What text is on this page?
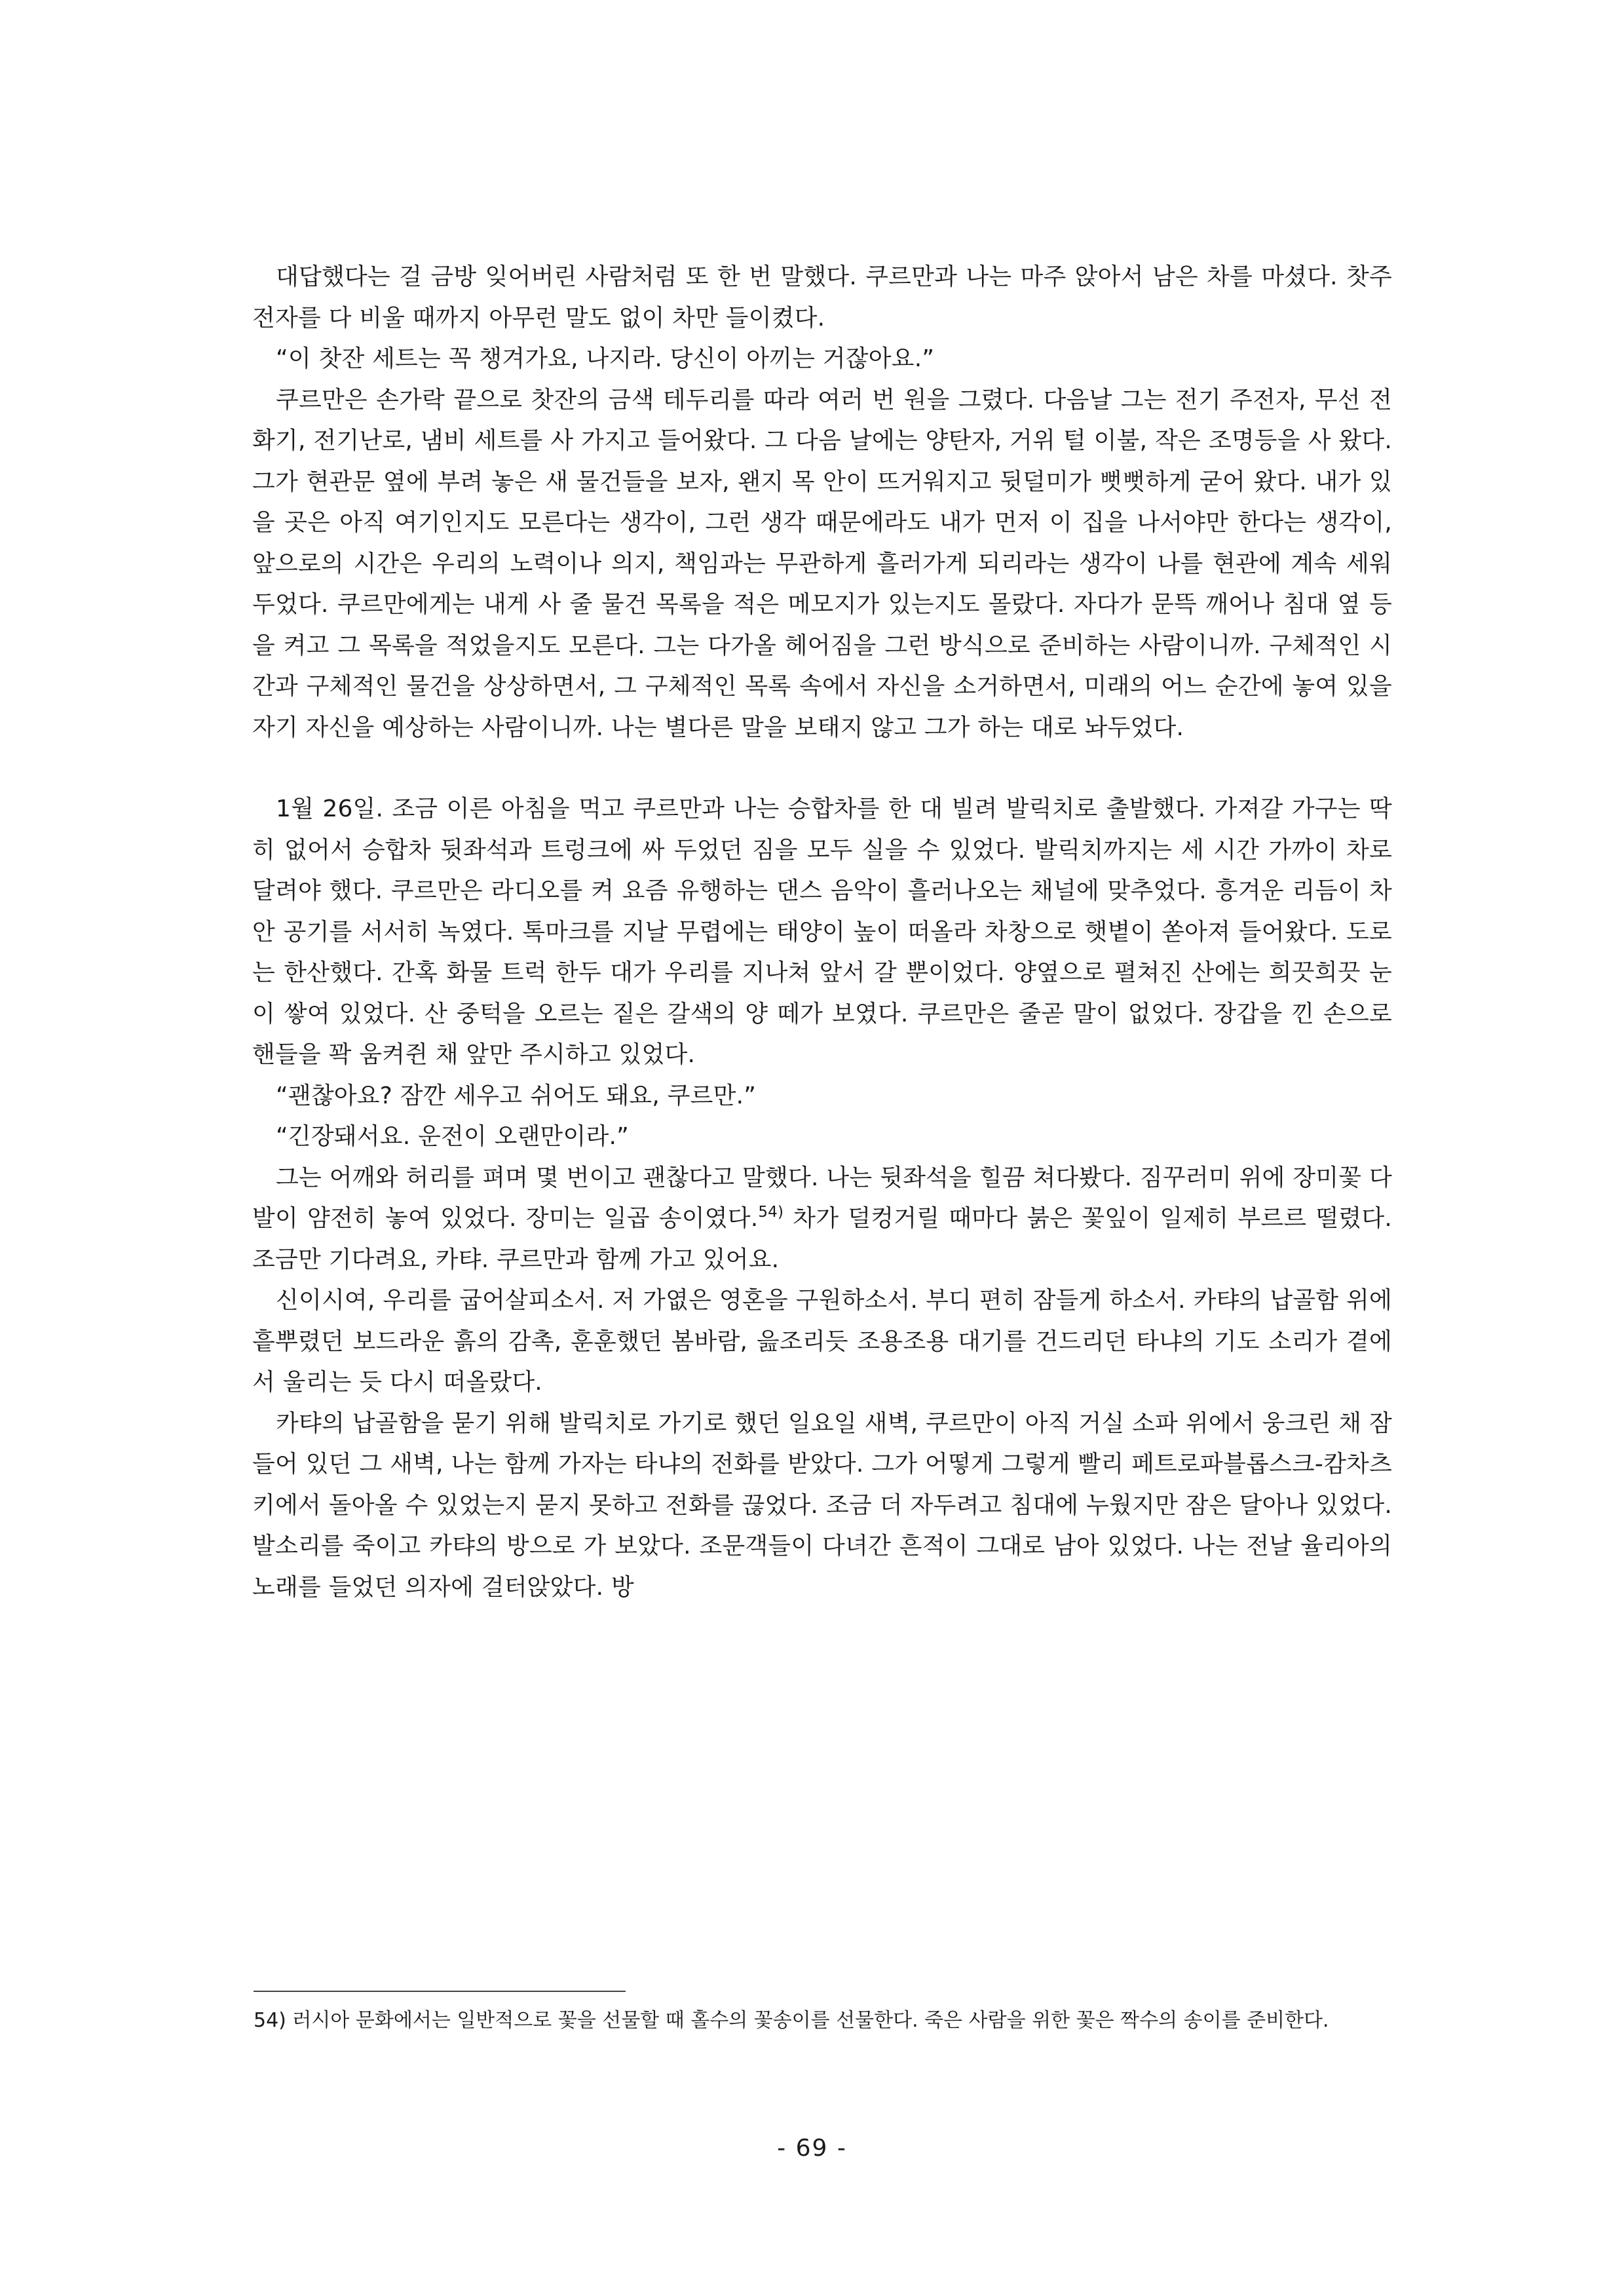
대답했다는 걸 금방 잊어버린 사람처럼 또 한 번 말했다. 쿠르만과 나는 마주 앉아서 남은 차를 마셨다. 찻주전자를 다 비울 때까지 아무런 말도 없이 차만 들이켰다.

“이 찻잔 세트는 꼭 챙겨가요, 나지라. 당신이 아끼는 거잖아요.”

쿠르만은 손가락 끝으로 찻잔의 금색 테두리를 따라 여러 번 원을 그렸다. 다음날 그는 전기 주전자, 무선 전화기, 전기난로, 냄비 세트를 사 가지고 들어왔다. 그 다음 날에는 양탄자, 거위 털 이불, 작은 조명등을 사 왔다. 그가 현관문 옆에 부려 놓은 새 물건들을 보자, 왠지 목 안이 뜨거워지고 뒷덜미가 뻣뻣하게 굳어 왔다. 내가 있을 곳은 아직 여기인지도 모른다는 생각이, 그런 생각 때문에라도 내가 먼저 이 집을 나서야만 한다는 생각이, 앞으로의 시간은 우리의 노력이나 의지, 책임과는 무관하게 흘러가게 되리라는 생각이 나를 현관에 계속 세워 두었다. 쿠르만에게는 내게 사 줄 물건 목록을 적은 메모지가 있는지도 몰랐다. 자다가 문뜩 깨어나 침대 옆 등을 켜고 그 목록을 적었을지도 모른다. 그는 다가올 헤어짐을 그런 방식으로 준비하는 사람이니까. 구체적인 시간과 구체적인 물건을 상상하면서, 그 구체적인 목록 속에서 자신을 소거하면서, 미래의 어느 순간에 놓여 있을 자기 자신을 예상하는 사람이니까. 나는 별다른 말을 보태지 않고 그가 하는 대로 놔두었다.

1월 26일. 조금 이른 아침을 먹고 쿠르만과 나는 승합차를 한 대 빌려 발릭치로 출발했다. 가져갈 가구는 딱히 없어서 승합차 뒷좌석과 트렁크에 싸 두었던 짐을 모두 실을 수 있었다. 발릭치까지는 세 시간 가까이 차로 달려야 했다. 쿠르만은 라디오를 켜 요즘 유행하는 댄스 음악이 흘러나오는 채널에 맞추었다. 흥겨운 리듬이 차 안 공기를 서서히 녹였다. 톡마크를 지날 무렵에는 태양이 높이 떠올라 차창으로 햇볕이 쏟아져 들어왔다. 도로는 한산했다. 간혹 화물 트럭 한두 대가 우리를 지나쳐 앞서 갈 뿐이었다. 양옆으로 펼쳐진 산에는 희끗희끗 눈이 쌓여 있었다. 산 중턱을 오르는 짙은 갈색의 양 떼가 보였다. 쿠르만은 줄곧 말이 없었다. 장갑을 낀 손으로 핸들을 꽉 움켜쥔 채 앞만 주시하고 있었다.

“괜찮아요? 잠깐 세우고 쉬어도 돼요, 쿠르만.”

“긴장돼서요. 운전이 오랜만이라.”

그는 어깨와 허리를 펴며 몇 번이고 괜찮다고 말했다. 나는 뒷좌석을 힐끔 쳐다봤다. 짐꾸러미 위에 장미꽃 다발이 얌전히 놓여 있었다. 장미는 일곱 송이였다.$^{54)}$ 차가 덜컹거릴 때마다 붉은 꽃잎이 일제히 부르르 떨렸다. 조금만 기다려요, 카탸. 쿠르만과 함께 가고 있어요.

신이시여, 우리를 굽어살피소서. 저 가엾은 영혼을 구원하소서. 부디 편히 잠들게 하소서. 카탸의 납골함 위에 흩뿌렸던 보드라운 흙의 감촉, 훈훈했던 봄바람, 읊조리듯 조용조용 대기를 건드리던 타냐의 기도 소리가 곁에서 울리는 듯 다시 떠올랐다.

카탸의 납골함을 묻기 위해 발릭치로 가기로 했던 일요일 새벽, 쿠르만이 아직 거실 소파 위에서 웅크린 채 잠들어 있던 그 새벽, 나는 함께 가자는 타냐의 전화를 받았다. 그가 어떻게 그렇게 빨리 페트로파블롭스크-캄차츠키에서 돌아올 수 있었는지 묻지 못하고 전화를 끊었다. 조금 더 자두려고 침대에 누웠지만 잠은 달아나 있었다. 발소리를 죽이고 카탸의 방으로 가 보았다. 조문객들이 다녀간 흔적이 그대로 남아 있었다. 나는 전날 율리아의 노래를 들었던 의자에 걸터앉았다. 방

54) 러시아 문화에서는 일반적으로 꽃을 선물할 때 홀수의 꽃송이를 선물한다. 죽은 사람을 위한 꽃은 짝수의 송이를 준비한다.
- 69 -
